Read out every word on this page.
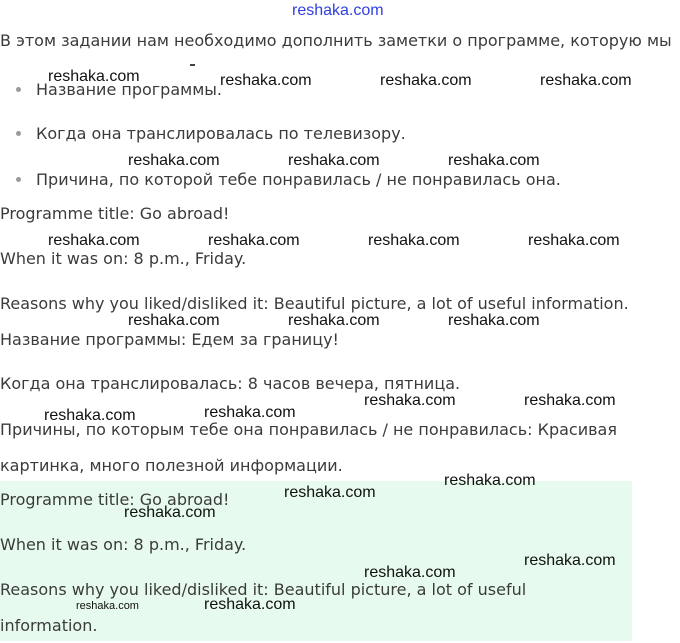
reshaka.com
В этом задании нам необходимо дополнить заметки о программе, которую мы
Название программы.
Когда она транслировалась по телевизору.
Причина, по которой тебе понравилась / не понравилась она.
Programme title: Go abroad!
When it was on: 8 p.m., Friday.
Reasons why you liked/disliked it: Beautiful picture, a lot of useful information.
Название программы: Едем за границу!
Когда она транслировалась: 8 часов вечера, пятница.
Причины, по которым тебе она понравилась / не понравилась: Красивая
картинка, много полезной информации.
Programme title: Go abroad!
When it was on: 8 p.m., Friday.
Reasons why you liked/disliked it: Beautiful picture, a lot of useful
information.
reshaka.com	reshaka.com	reshaka.com	reshaka.com
reshaka.com	reshaka.com	reshaka.com
reshaka.com	reshaka.com	reshaka.com	reshaka.com
reshaka.com	reshaka.com	reshaka.com
reshaka.com	reshaka.com
reshaka.com
reshaka.com
reshaka.com
reshaka.com
reshaka.com
reshaka.com
reshaka.com
reshaka.com
reshaka.com
